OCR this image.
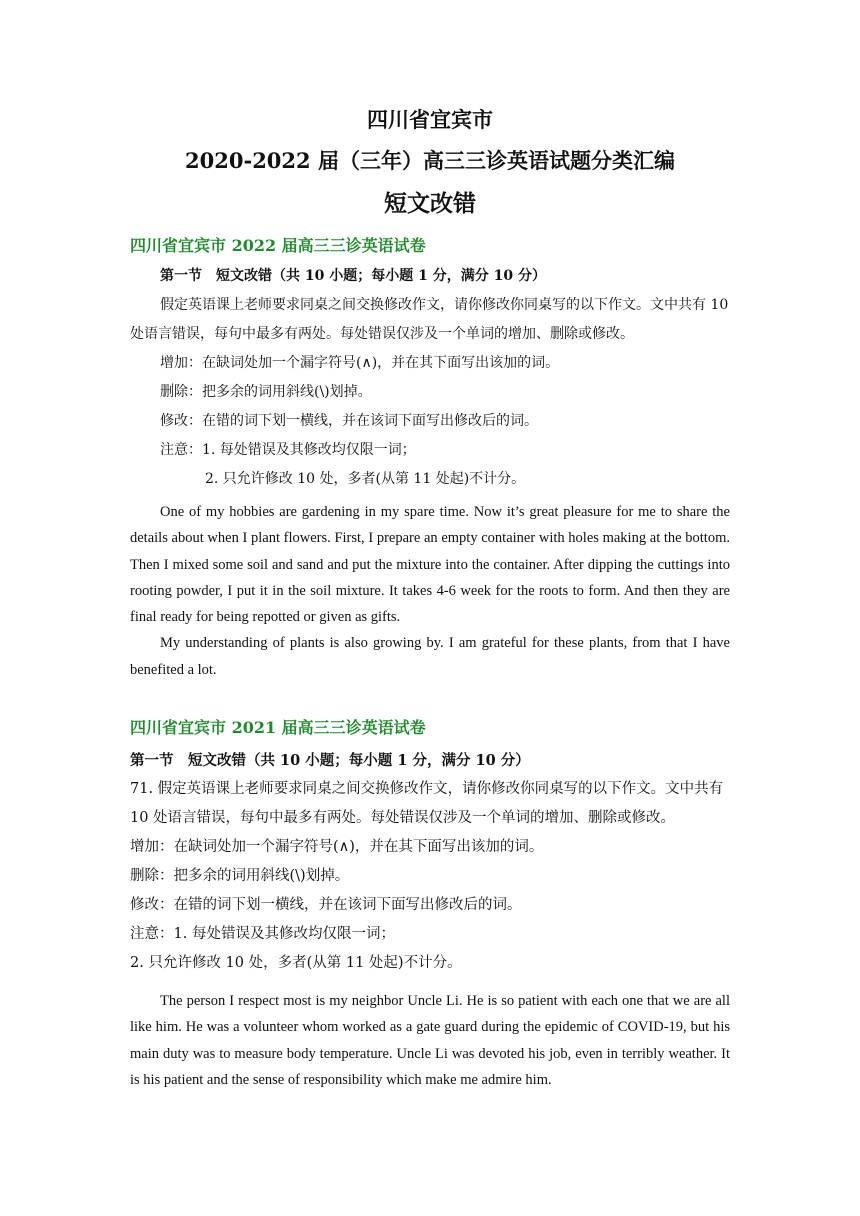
四川省宜宾市
2020-2022 届（三年）高三三诊英语试题分类汇编
短文改错
四川省宜宾市 2022 届高三三诊英语试卷

第一节　短文改错（共 10 小题；每小题 1 分，满分 10 分）

假定英语课上老师要求同桌之间交换修改作文，请你修改你同桌写的以下作文。文中共有 10 处语言错误，每句中最多有两处。每处错误仅涉及一个单词的增加、删除或修改。

增加：在缺词处加一个漏字符号(∧)，并在其下面写出该加的词。

删除：把多余的词用斜线(\)划掉。

修改：在错的词下划一横线，并在该词下面写出修改后的词。

注意：1. 每处错误及其修改均仅限一词；

2. 只允许修改 10 处，多者(从第 11 处起)不计分。

One of my hobbies are gardening in my spare time. Now it’s great pleasure for me to share the details about when I plant flowers. First, I prepare an empty container with holes making at the bottom. Then I mixed some soil and sand and put the mixture into the container. After dipping the cuttings into rooting powder, I put it in the soil mixture. It takes 4-6 week for the roots to form. And then they are final ready for being repotted or given as gifts.

My understanding of plants is also growing by. I am grateful for these plants, from that I have benefited a lot.

四川省宜宾市 2021 届高三三诊英语试卷

第一节　短文改错（共 10 小题；每小题 1 分，满分 10 分）

71. 假定英语课上老师要求同桌之间交换修改作文，请你修改你同桌写的以下作文。文中共有 10 处语言错误，每句中最多有两处。每处错误仅涉及一个单词的增加、删除或修改。

增加：在缺词处加一个漏字符号(∧)，并在其下面写出该加的词。

删除：把多余的词用斜线(\)划掉。

修改：在错的词下划一横线，并在该词下面写出修改后的词。

注意：1. 每处错误及其修改均仅限一词；

2. 只允许修改 10 处，多者(从第 11 处起)不计分。

The person I respect most is my neighbor Uncle Li. He is so patient with each one that we are all like him. He was a volunteer whom worked as a gate guard during the epidemic of COVID-19, but his main duty was to measure body temperature. Uncle Li was devoted his job, even in terribly weather. It is his patient and the sense of responsibility which make me admire him.
